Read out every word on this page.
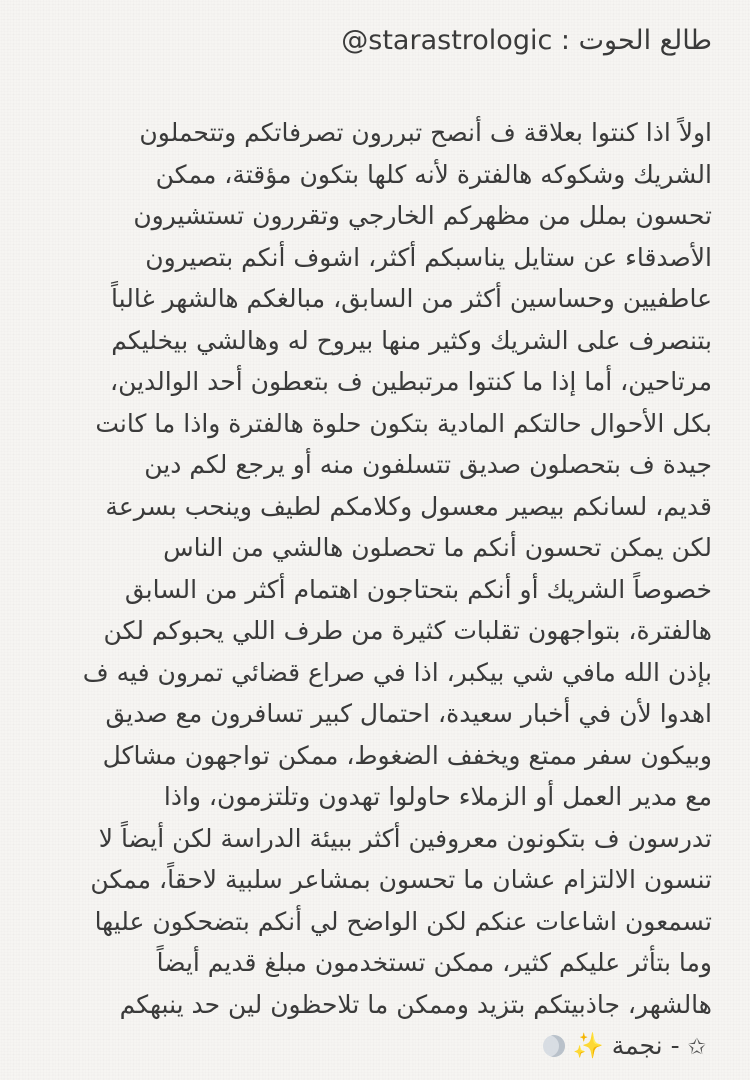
طالع الحوت : @starastrologic
اولاً اذا كنتوا بعلاقة ف أنصح تبررون تصرفاتكم وتتحملون
الشريك وشكوكه هالفترة لأنه كلها بتكون مؤقتة، ممكن
تحسون بملل من مظهركم الخارجي وتقررون تستشيرون
الأصدقاء عن ستايل يناسبكم أكثر، اشوف أنكم بتصيرون
عاطفيين وحساسين أكثر من السابق، مبالغكم هالشهر غالباً
بتنصرف على الشريك وكثير منها بيروح له وهالشي بيخليكم
مرتاحين، أما إذا ما كنتوا مرتبطين ف بتعطون أحد الوالدين،
بكل الأحوال حالتكم المادية بتكون حلوة هالفترة واذا ما كانت
جيدة ف بتحصلون صديق تتسلفون منه أو يرجع لكم دين
قديم، لسانكم بيصير معسول وكلامكم لطيف وينحب بسرعة
لكن يمكن تحسون أنكم ما تحصلون هالشي من الناس
خصوصاً الشريك أو أنكم بتحتاجون اهتمام أكثر من السابق
هالفترة، بتواجهون تقلبات كثيرة من طرف اللي يحبوكم لكن
بإذن الله مافي شي بيكبر، اذا في صراع قضائي تمرون فيه ف
اهدوا لأن في أخبار سعيدة، احتمال كبير تسافرون مع صديق
وبيكون سفر ممتع ويخفف الضغوط، ممكن تواجهون مشاكل
مع مدير العمل أو الزملاء حاولوا تهدون وتلتزمون، واذا
تدرسون ف بتكونون معروفين أكثر ببيئة الدراسة لكن أيضاً لا
تنسون الالتزام عشان ما تحسون بمشاعر سلبية لاحقاً، ممكن
تسمعون اشاعات عنكم لكن الواضح لي أنكم بتضحكون عليها
وما بتأثر عليكم كثير، ممكن تستخدمون مبلغ قديم أيضاً
هالشهر، جاذبيتكم بتزيد وممكن ما تلاحظون لين حد ينبهكم
✩ - نجمة ✨
